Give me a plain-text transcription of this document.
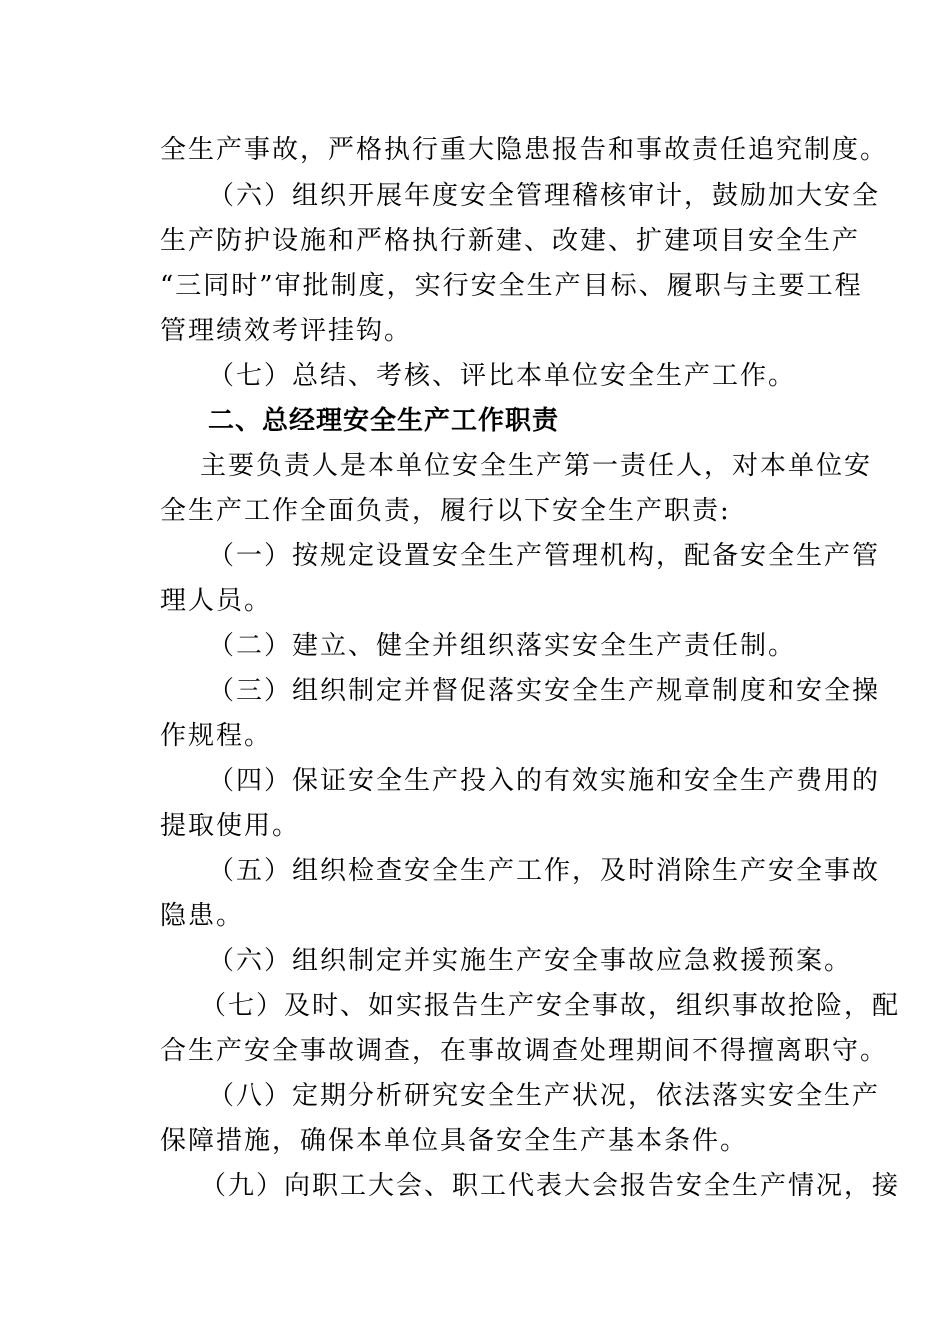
全生产事故，严格执行重大隐患报告和事故责任追究制度。
（六）组织开展年度安全管理稽核审计，鼓励加大安全
生产防护设施和严格执行新建、改建、扩建项目安全生产
“三同时”审批制度，实行安全生产目标、履职与主要工程
管理绩效考评挂钩。
（七）总结、考核、评比本单位安全生产工作。
二、总经理安全生产工作职责
主要负责人是本单位安全生产第一责任人，对本单位安
全生产工作全面负责，履行以下安全生产职责:
（一）按规定设置安全生产管理机构，配备安全生产管
理人员。
（二）建立、健全并组织落实安全生产责任制。
（三）组织制定并督促落实安全生产规章制度和安全操
作规程。
（四）保证安全生产投入的有效实施和安全生产费用的
提取使用。
（五）组织检查安全生产工作，及时消除生产安全事故
隐患。
（六）组织制定并实施生产安全事故应急救援预案。
（七）及时、如实报告生产安全事故，组织事故抢险，配
合生产安全事故调查，在事故调查处理期间不得擅离职守。
（八）定期分析研究安全生产状况，依法落实安全生产
保障措施，确保本单位具备安全生产基本条件。
（九）向职工大会、职工代表大会报告安全生产情况，接
